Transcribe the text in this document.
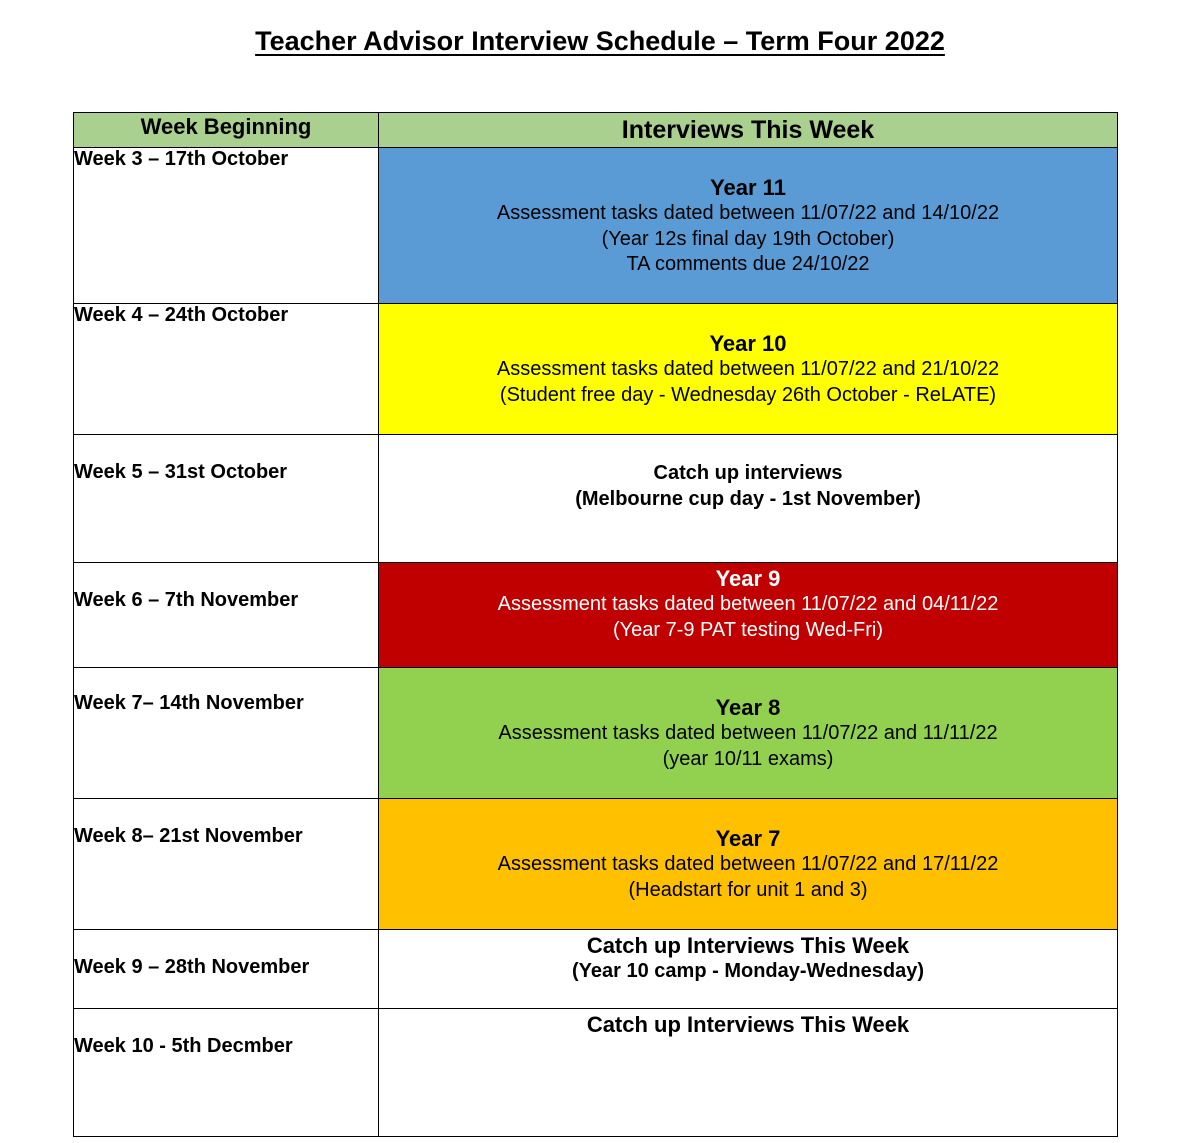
Teacher Advisor Interview Schedule – Term Four 2022
Week Beginning	Interviews This Week
Week 3 – 17th October	Year 11
Assessment tasks dated between 11/07/22 and 14/10/22
(Year 12s final day 19th October)
TA comments due 24/10/22

Week 4 – 24th October	Year 10
Assessment tasks dated between 11/07/22 and 21/10/22
(Student free day - Wednesday 26th October - ReLATE)

Week 5 – 31st October	Catch up interviews
(Melbourne cup day - 1st November)

Week 6 – 7th November	Year 9
Assessment tasks dated between 11/07/22 and 04/11/22
(Year 7-9 PAT testing Wed-Fri)

Week 7– 14th November	Year 8
Assessment tasks dated between 11/07/22 and 11/11/22
(year 10/11 exams)

Week 8– 21st November	Year 7
Assessment tasks dated between 11/07/22 and 17/11/22
(Headstart for unit 1 and 3)

Week 9 – 28th November	Catch up Interviews This Week
(Year 10 camp - Monday-Wednesday)

Week 10 - 5th Decmber	Catch up Interviews This Week
